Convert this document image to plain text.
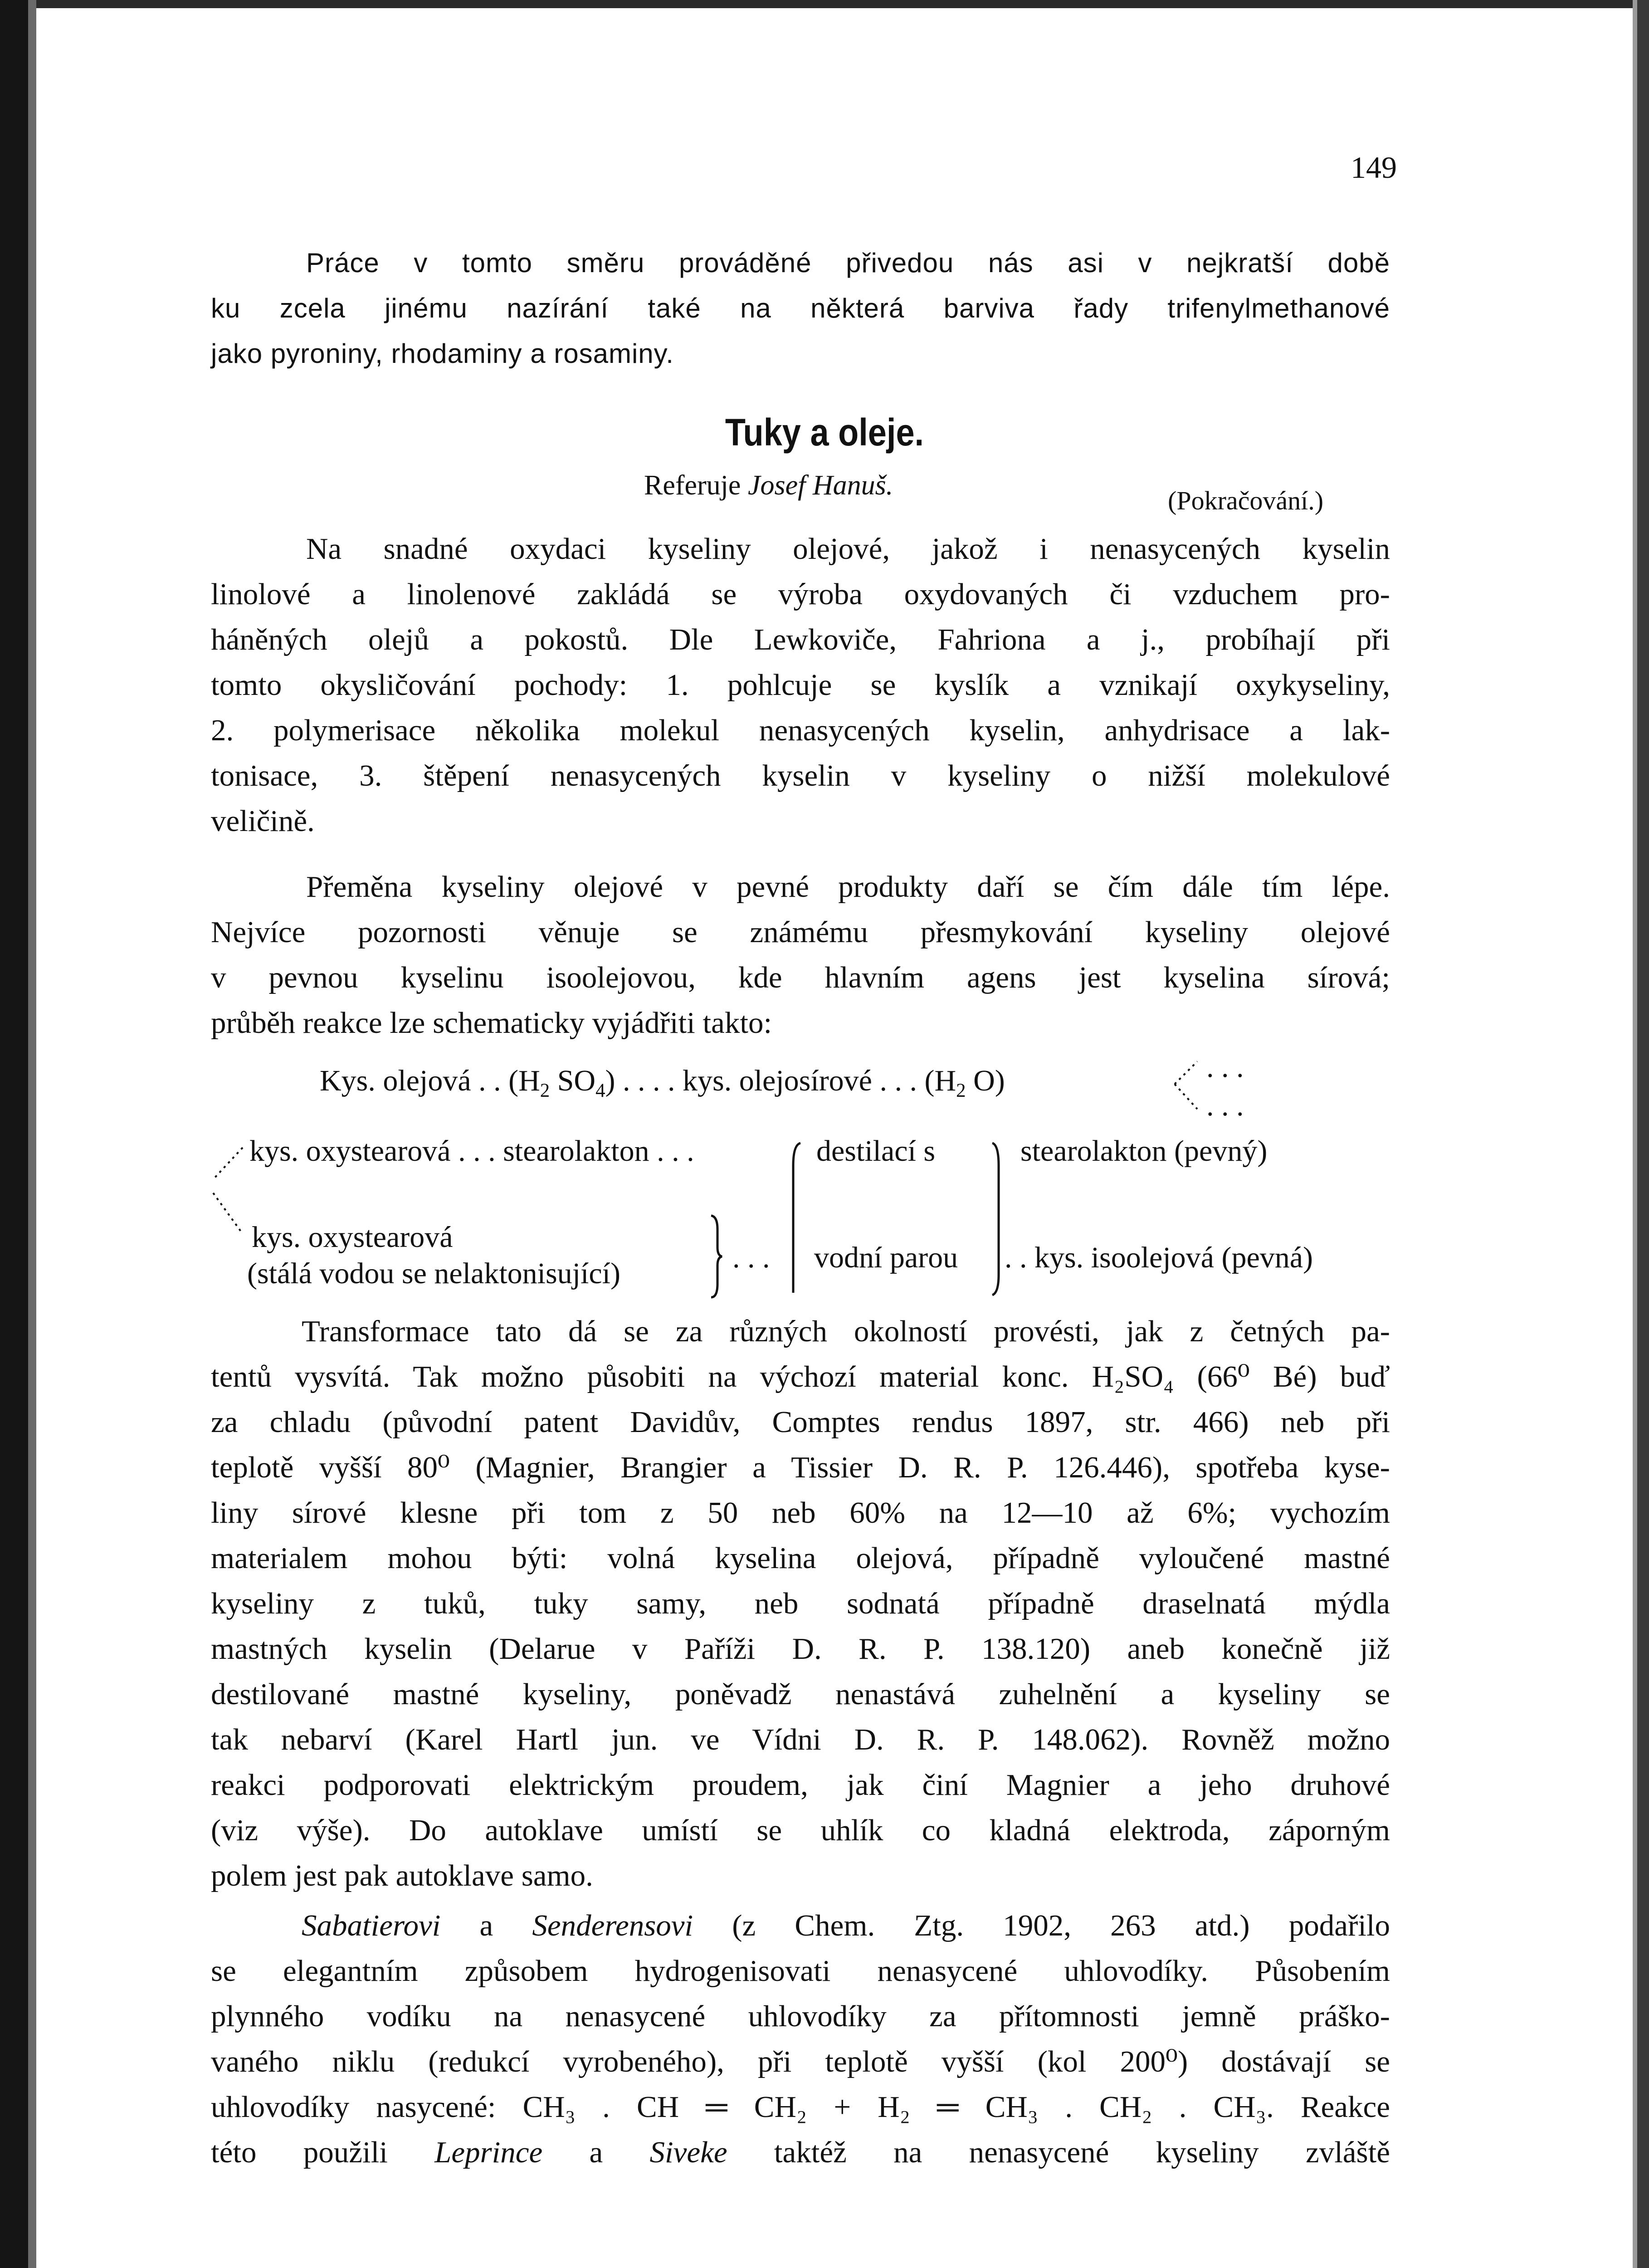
149
Práce v tomto směru prováděné přivedou nás asi v nejkratší době
ku zcela jinému nazírání také na některá barviva řady trifenylmethanové
jako pyroniny, rhodaminy a rosaminy.
Tuky a oleje.
Referuje Josef Hanuš.	(Pokračování.)
Na snadné oxydaci kyseliny olejové, jakož i nenasycených kyselin
linolové a linolenové zakládá se výroba oxydovaných či vzduchem pro-
háněných olejů a pokostů. Dle Lewkoviče, Fahriona a j., probíhají při
tomto okysličování pochody: 1. pohlcuje se kyslík a vznikají oxykyseliny,
2. polymerisace několika molekul nenasycených kyselin, anhydrisace a lak-
tonisace, 3. štěpení nenasycených kyselin v kyseliny o nižší molekulové
veličině.
Přeměna kyseliny olejové v pevné produkty daří se čím dále tím lépe.
Nejvíce pozornosti věnuje se známému přesmykování kyseliny olejové
v pevnou kyselinu isoolejovou, kde hlavním agens jest kyselina sírová;
průběh reakce lze schematicky vyjádřiti takto:
Kys. olejová . . ($H_2$ $SO_4$) . . . . kys. olejosírové . . . ($H_2$ O)	. . .
. . .
kys. oxystearová . . . stearolakton . . .	destilací s	stearolakton (pevný)
kys. oxystearová
(stálá vodou se nelaktonisující)	. . . vodní parou . . kys. isoolejová (pevná)
Transformace tato dá se za různých okolností provésti, jak z četných pa-
tentů vysvítá. Tak možno působiti na výchozí material konc. H₂SO₄ (66⁰ Bé) buď
za chladu (původní patent Davidův, Comptes rendus 1897, str. 466) neb při
teplotě vyšší 80⁰ (Magnier, Brangier a Tissier D. R. P. 126.446), spotřeba kyse-
liny sírové klesne při tom z 50 neb 60% na 12—10 až 6%; vychozím
materialem mohou býti: volná kyselina olejová, případně vyloučené mastné
kyseliny z tuků, tuky samy, neb sodnatá případně draselnatá mýdla
mastných kyselin (Delarue v Paříži D. R. P. 138.120) aneb konečně již
destilované mastné kyseliny, poněvadž nenastává zuhelnění a kyseliny se
tak nebarví (Karel Hartl jun. ve Vídni D. R. P. 148.062). Rovněž možno
reakci podporovati elektrickým proudem, jak činí Magnier a jeho druhové
(viz výše). Do autoklave umístí se uhlík co kladná elektroda, záporným
polem jest pak autoklave samo.
Sabatierovi a Senderensovi (z Chem. Ztg. 1902, 263 atd.) podařilo
se elegantním způsobem hydrogenisovati nenasycené uhlovodíky. Působením
plynného vodíku na nenasycené uhlovodíky za přítomnosti jemně práško-
vaného niklu (redukcí vyrobeného), při teplotě vyšší (kol 200⁰) dostávají se
uhlovodíky nasycené: CH₃ . CH ═ CH₂ + H₂ ═ CH₃ . CH₂ . CH₃. Reakce
této použili Leprince a Siveke taktéž na nenasycené kyseliny zvláště
